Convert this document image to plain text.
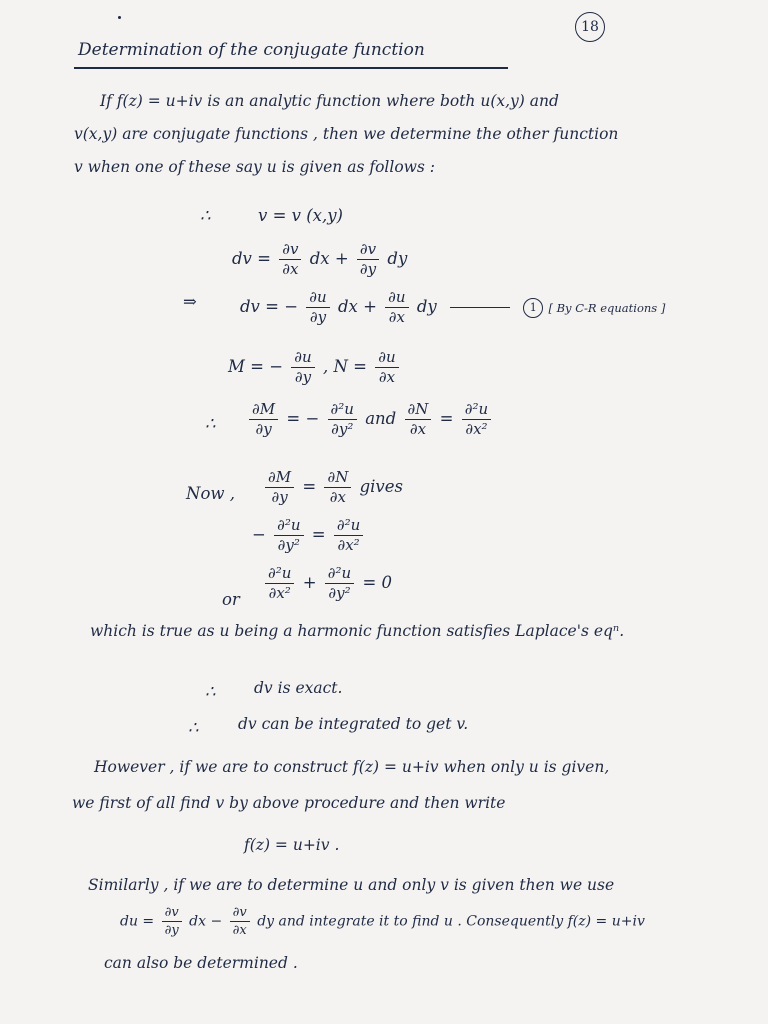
18
Determination of the conjugate function
If f(z) = u+iv is an analytic function where both u(x,y) and
v(x,y) are conjugate functions , then we determine the other function
v when one of these say u is given as follows :
∴	v = v (x,y)
dv = $\frac{\partial v}{\partial x}$ dx + $\frac{\partial v}{\partial y}$ dy
⇒	dv = − $\frac{\partial u}{\partial y}$ dx + $\frac{\partial u}{\partial x}$ dy	1 [ By C-R equations ]
M = − $\frac{\partial u}{\partial y}$ , $N = \frac{\partial u}{\partial x}$
∴ $\frac{\partial M}{\partial y}$ = − $\frac{\text{∂²u}}{\text{∂y²}}$ and $\frac{\partial N}{\partial x} = \frac{\text{∂²u}}{\text{∂x²}}$
Now , $\frac{\partial M}{\partial y} = \frac{\partial N}{\partial x}$ gives
− $\frac{\text{∂²u}}{\text{∂y²}} = \frac{\text{∂²u}}{\text{∂x²}}$
or $\frac{\text{∂²u}}{\text{∂x²}} + \frac{\text{∂²u}}{\text{∂y²}} = 0$
which is true as u being a harmonic function satisfies Laplace's eqⁿ.
∴ dv is exact.
∴	dv can be integrated to get v.
However , if we are to construct f(z) = u+iv when only u is given,
we first of all find v by above procedure and then write
f(z) = u+iv .
Similarly , if we are to determine u and only v is given then we use
du = $\frac{\partial v}{\partial y}$ dx − $\frac{\partial v}{\partial x}$ dy and integrate it to find u . Consequently f(z) = u+iv
can also be determined .
